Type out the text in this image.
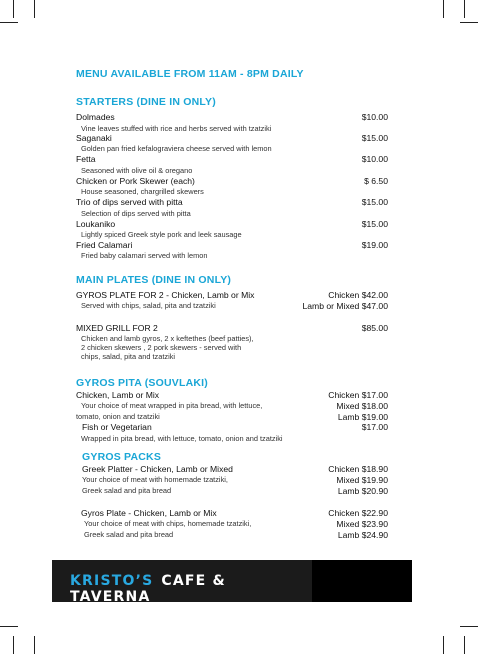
MENU AVAILABLE FROM 11AM - 8PM DAILY
STARTERS (DINE IN ONLY)
Dolmades	$10.00
Vine leaves stuffed with rice and herbs served with tzatziki
Saganaki	$15.00
Golden pan fried kefalograviera cheese served with lemon
Fetta	$10.00
Seasoned with olive oil & oregano
Chicken or Pork Skewer (each)	$ 6.50
House seasoned, chargrilled skewers
Trio of dips served with pitta	$15.00
Selection of dips served with pitta
Loukaniko	$15.00
Lightly spiced Greek style pork and leek sausage
Fried Calamari	$19.00
Fried baby calamari served with lemon
MAIN PLATES (DINE IN ONLY)
GYROS PLATE FOR 2 - Chicken, Lamb or Mix	Chicken $42.00
Served with chips, salad, pita and tzatziki	Lamb or Mixed $47.00
MIXED GRILL FOR 2	$85.00
Chicken and lamb gyros, 2 x keftethes (beef patties),
2 chicken skewers , 2 pork skewers - served with
chips, salad, pita and tzatziki
GYROS PITA (SOUVLAKI)
Chicken, Lamb or Mix	Chicken $17.00
Your choice of meat wrapped in pita bread, with lettuce,	Mixed $18.00
tomato, onion and tzatziki	Lamb $19.00
Fish or Vegetarian	$17.00
Wrapped in pita bread, with lettuce, tomato, onion and tzatziki
GYROS PACKS
Greek Platter - Chicken, Lamb or Mixed	Chicken $18.90
Your choice of meat with homemade tzatziki,	Mixed $19.90
Greek salad and pita bread	Lamb $20.90
Gyros Plate - Chicken, Lamb or Mix	Chicken $22.90
Your choice of meat with chips, homemade tzatziki,	Mixed $23.90
Greek salad and pita bread	Lamb $24.90
KRISTO’S CAFE & TAVERNA
